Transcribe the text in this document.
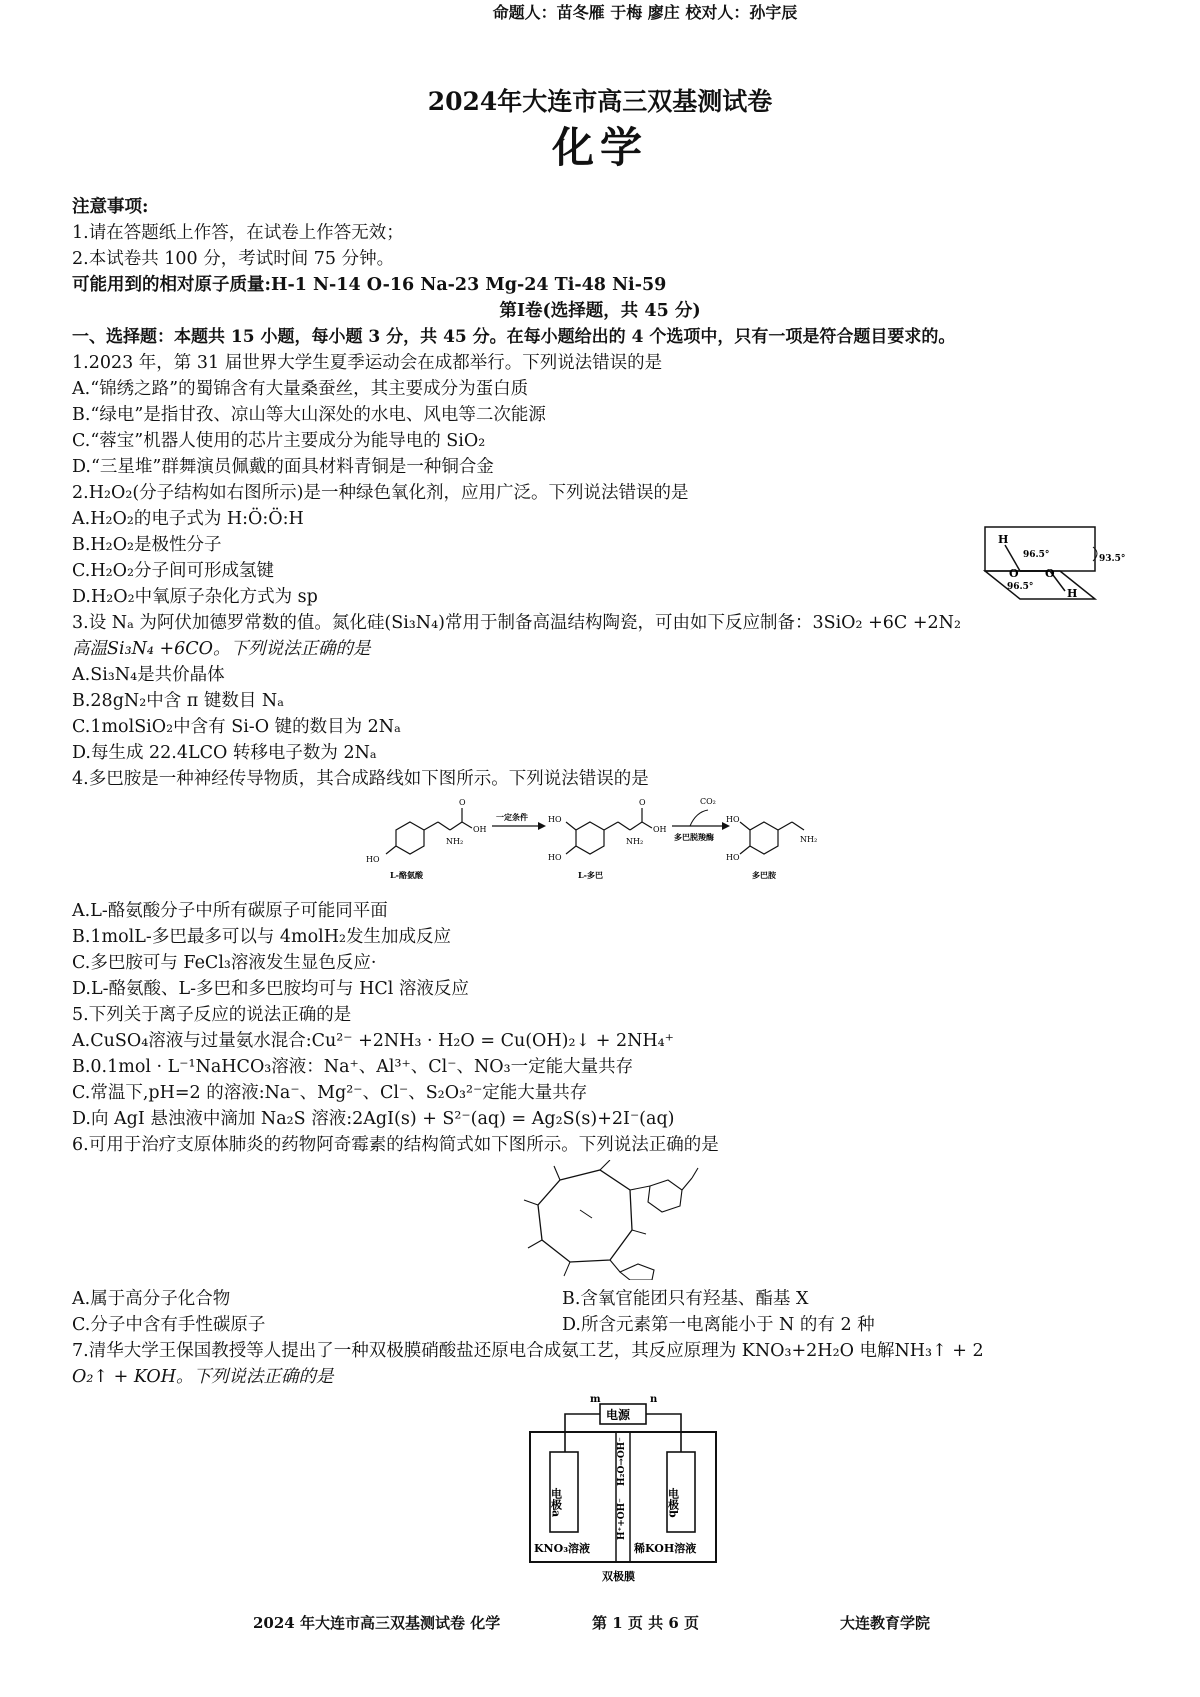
2024年大连市高三双基测试卷
化学
命题人：苗冬雁 于梅 廖庄 校对人：孙宇辰
注意事项:
1.请在答题纸上作答，在试卷上作答无效；
2.本试卷共 100 分，考试时间 75 分钟。
可能用到的相对原子质量:H-1 N-14 O-16 Na-23 Mg-24 Ti-48 Ni-59
第Ⅰ卷(选择题，共 45 分)
一、选择题：本题共 15 小题，每小题 3 分，共 45 分。在每小题给出的 4 个选项中，只有一项是符合题目要求的。
1.2023 年，第 31 届世界大学生夏季运动会在成都举行。下列说法错误的是
A.“锦绣之路”的蜀锦含有大量桑蚕丝，其主要成分为蛋白质
B.“绿电”是指甘孜、凉山等大山深处的水电、风电等二次能源
C.“蓉宝”机器人使用的芯片主要成分为能导电的 SiO₂
D.“三星堆”群舞演员佩戴的面具材料青铜是一种铜合金
2.H₂O₂(分子结构如右图所示)是一种绿色氧化剂，应用广泛。下列说法错误的是
A.H₂O₂的电子式为 H:Ö:Ö:H
B.H₂O₂是极性分子
C.H₂O₂分子间可形成氢键
D.H₂O₂中氧原子杂化方式为 sp
H
O O
H
96.5°
96.5°
93.5°
3.设 Nₐ 为阿伏加德罗常数的值。氮化硅(Si₃N₄)常用于制备高温结构陶瓷，可由如下反应制备：3SiO₂ +6C +2N₂
高温Si₃N₄ +6CO。下列说法正确的是
A.Si₃N₄是共价晶体
B.28gN₂中含 π 键数目 Nₐ
C.1molSiO₂中含有 Si-O 键的数目为 2Nₐ
D.每生成 22.4LCO 转移电子数为 2Nₐ
4.多巴胺是一种神经传导物质，其合成路线如下图所示。下列说法错误的是
O
OH
NH₂
HO
L-酪氨酸
一定条件	HO
HO
O
OH
NH₂
L-多巴
CO₂
多巴脱羧酶
HO
HO
NH₂
多巴胺
A.L-酪氨酸分子中所有碳原子可能同平面
B.1molL-多巴最多可以与 4molH₂发生加成反应
C.多巴胺可与 FeCl₃溶液发生显色反应·
D.L-酪氨酸、L-多巴和多巴胺均可与 HCl 溶液反应
5.下列关于离子反应的说法正确的是
A.CuSO₄溶液与过量氨水混合:Cu²⁻ +2NH₃ · H₂O = Cu(OH)₂↓ + 2NH₄⁺
B.0.1mol · L⁻¹NaHCO₃溶液：Na⁺、Al³⁺、Cl⁻、NO₃一定能大量共存
C.常温下,pH=2 的溶液:Na⁻、Mg²⁻、Cl⁻、S₂O₃²⁻定能大量共存
D.向 AgI 悬浊液中滴加 Na₂S 溶液:2AgI(s) + S²⁻(aq) = Ag₂S(s)+2I⁻(aq)
6.可用于治疗支原体肺炎的药物阿奇霉素的结构简式如下图所示。下列说法正确的是
A.属于高分子化合物	B.含氧官能团只有羟基、酯基 X
C.分子中含有手性碳原子	D.所含元素第一电离能小于 N 的有 2 种
7.清华大学王保国教授等人提出了一种双极膜硝酸盐还原电合成氨工艺，其反应原理为 KNO₃+2H₂O 电解NH₃↑ + 2
O₂↑ + KOH。下列说法正确的是
电源
m	n
电极a	电极b
H₂O→OH⁻
H⁺+OH⁻
KNO₃溶液	稀KOH溶液
双极膜
2024 年大连市高三双基测试卷 化学	第 1 页 共 6 页	大连教育学院
